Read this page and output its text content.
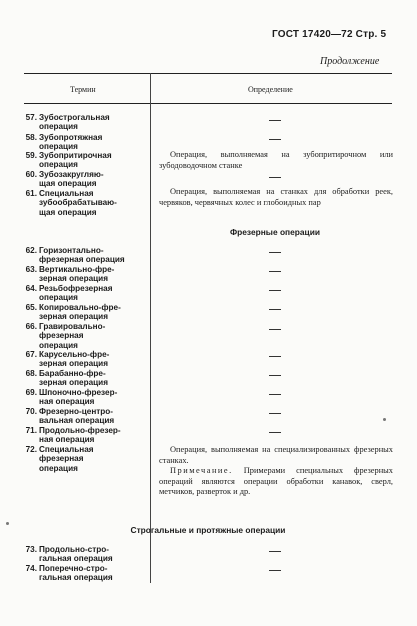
ГОСТ 17420—72 Стр. 5
Продолжение
Термин	Определение
57. Зубострогальная
операция
58. Зубопротяжная
операция
59. Зубопритирочная
операция
60. Зубозакругляю-
щая операция
61. Специальная
зубообрабатываю-
щая операция
62. Горизонтально-
фрезерная операция
63. Вертикально-фре-
зерная операция
64. Резьбофрезерная
операция
65. Копировально-фре-
зерная операция
66. Гравировально-
фрезерная
операция
67. Карусельно-фре-
зерная операция
68. Барабанно-фре-
зерная операция
69. Шпоночно-фрезер-
ная операция
70. Фрезерно-центро-
вальная операция
71. Продольно-фрезер-
ная операция
72. Специальная
фрезерная
операция
73. Продольно-стро-
гальная операция
74. Поперечно-стро-
гальная операция
Операция, выполняемая на зубопритирочном или зубодоводочном станке
Операция, выполняемая на станках для обработки реек, червяков, червячных колес и глобоидных пар
Операция, выполняемая на специализированных фрезерных станках.
Примечание. Примерами специальных фрезерных операций являются операции обработки канавок, сверл, метчиков, разверток и др.
Фрезерные операции
Строгальные и протяжные операции
